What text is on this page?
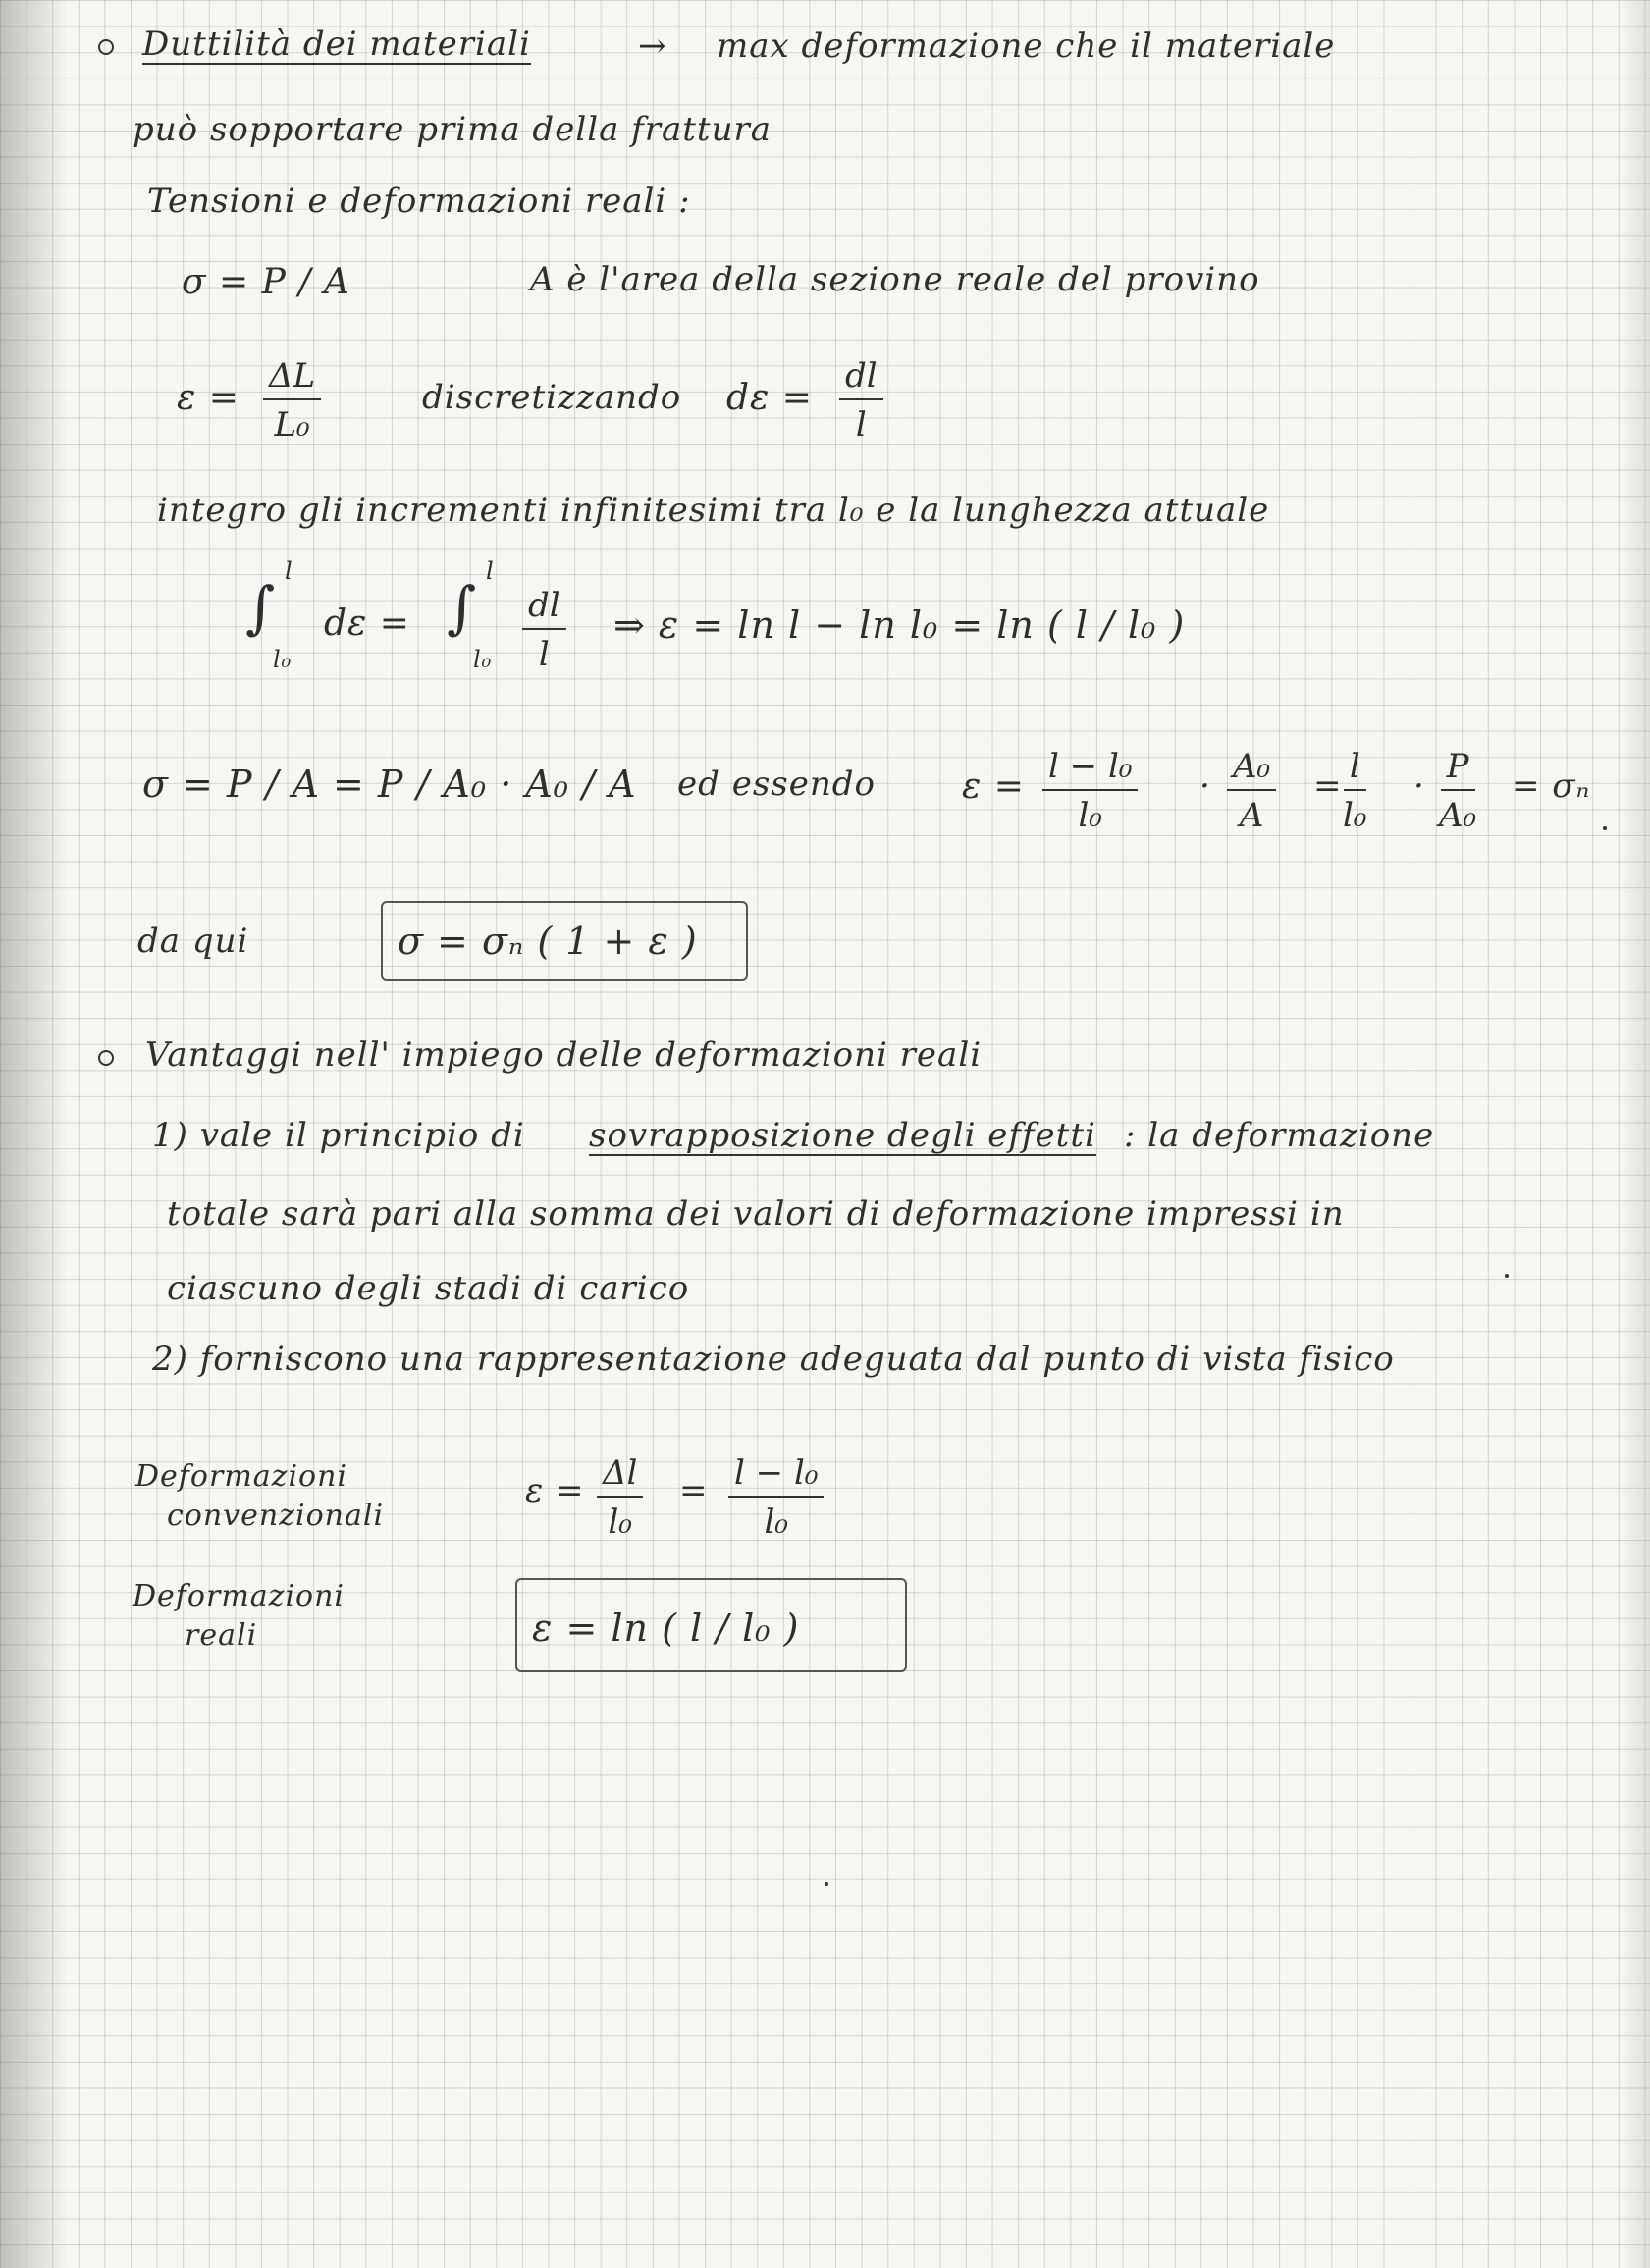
Duttilità dei materiali	→ max deformazione che il materiale
può sopportare prima della frattura
Tensioni e deformazioni reali :
σ = P / A	A è l'area della sezione reale del provino
$\varepsilon = \frac{\Delta L}{\text{L₀}}$	discretizzando $d\varepsilon = \frac{dl}{l}$
integro gli incrementi infinitesimi tra l₀ e la lunghezza attuale
l
∫
l₀
dε =
l
∫
$l_0 \frac{dl}{l}$ ⇒ ε = ln l − ln l₀ = ln ( l / l₀ )
σ = P / A = P / A₀ · A₀ / A ed essendo $\varepsilon = \frac{\text{l − l₀}}{\text{l₀}} \cdot \frac{\text{A₀}}{A} = \frac{l}{\text{l₀}} \cdot \frac{P}{\text{A₀}} = \sigma_n$
da qui	σ = σₙ ( 1 + ε )
Vantaggi nell' impiego delle deformazioni reali
1) vale il principio di sovrapposizione degli effetti : la deformazione
totale sarà pari alla somma dei valori di deformazione impressi in
ciascuno degli stadi di carico
2) forniscono una rappresentazione adeguata dal punto di vista fisico
Deformazioni
convenzionali
$\varepsilon = \frac{\Delta l}{\text{l₀}} = \frac{\text{l − l₀}}{\text{l₀}}$
Deformazioni
reali	ε = ln ( l / l₀ )
